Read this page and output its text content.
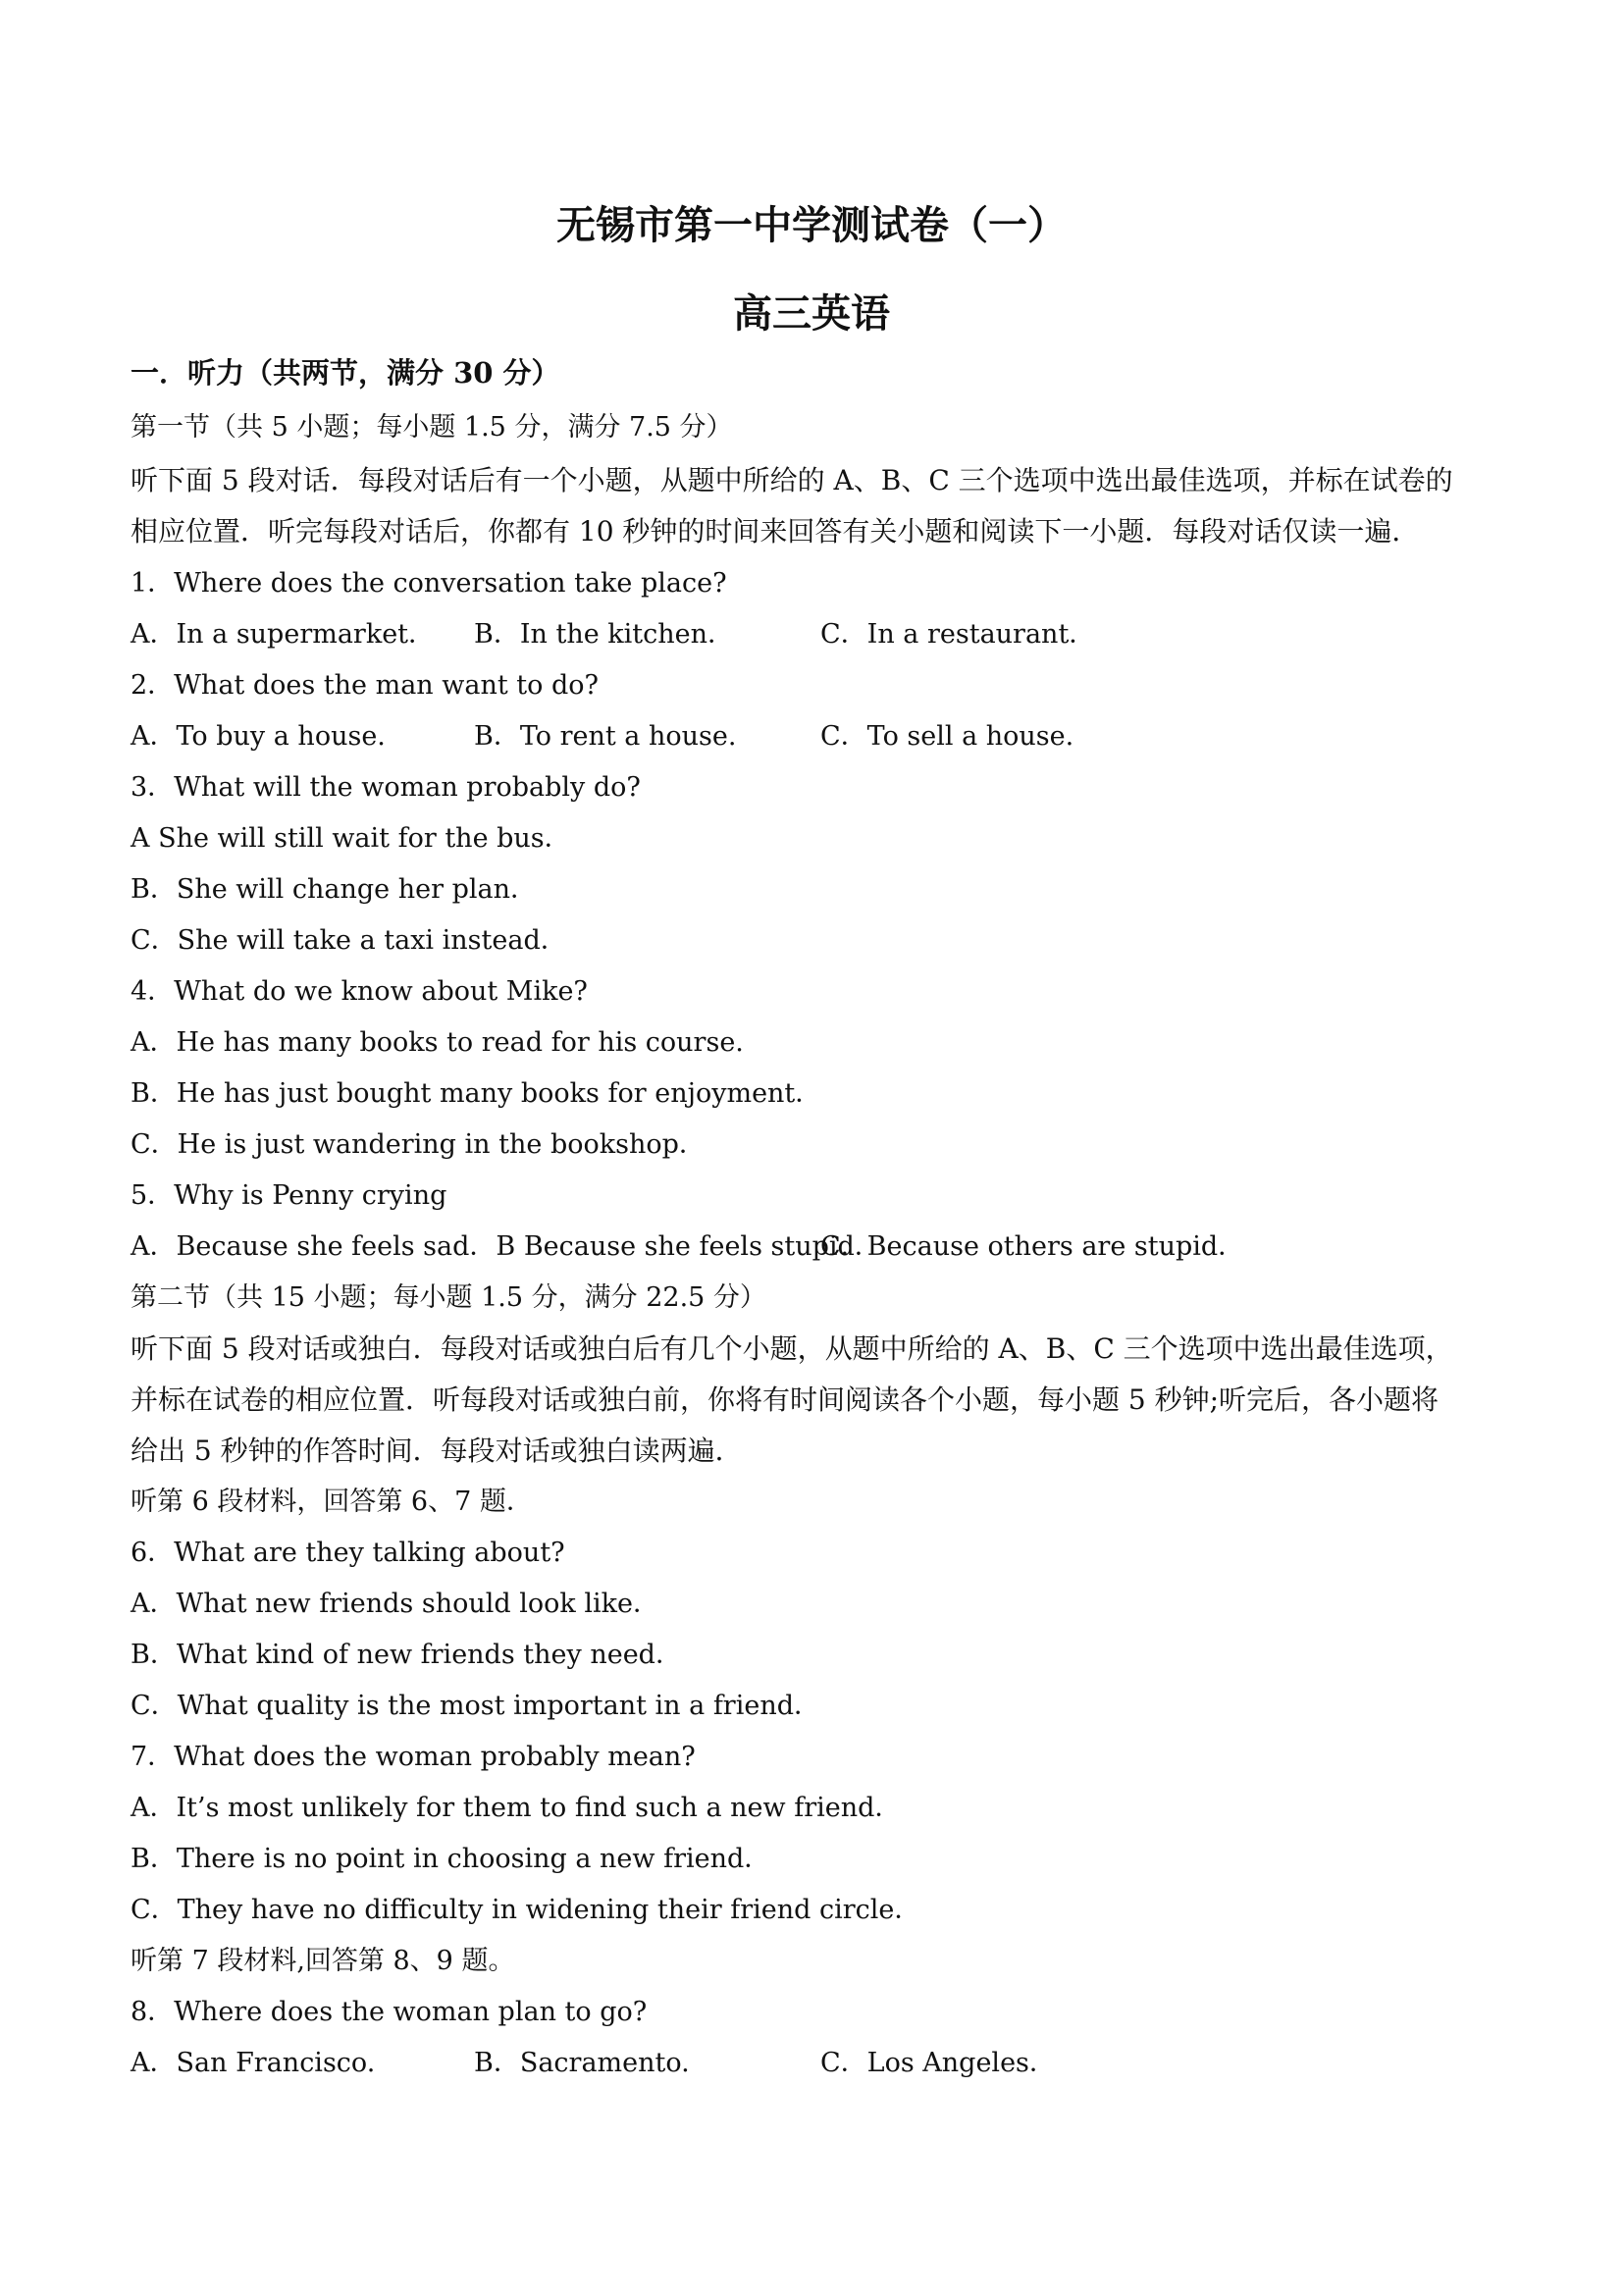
无锡市第一中学测试卷（一）
高三英语
一．听力（共两节，满分 30 分）
第一节（共 5 小题；每小题 1.5 分，满分 7.5 分）
听下面 5 段对话．每段对话后有一个小题，从题中所给的 A、B、C 三个选项中选出最佳选项，并标在试卷的
相应位置．听完每段对话后，你都有 10 秒钟的时间来回答有关小题和阅读下一小题．每段对话仅读一遍．
1．Where does the conversation take place?
A．In a supermarket． B．In the kitchen．	C．In a restaurant．
2．What does the man want to do?
A．To buy a house.	B．To rent a house.	C．To sell a house.
3．What will the woman probably do?
A She will still wait for the bus．
B．She will change her plan．
C．She will take a taxi instead．
4．What do we know about Mike?
A．He has many books to read for his course.
B．He has just bought many books for enjoyment．
C．He is just wandering in the bookshop．
5．Why is Penny crying
A．Because she feels sad．B Because she feels stupid．
C．Because others are stupid．
第二节（共 15 小题；每小题 1.5 分，满分 22.5 分）
听下面 5 段对话或独白．每段对话或独白后有几个小题，从题中所给的 A、B、C 三个选项中选出最佳选项，
并标在试卷的相应位置．听每段对话或独白前，你将有时间阅读各个小题，每小题 5 秒钟;听完后，各小题将
给出 5 秒钟的作答时间．每段对话或独白读两遍．
听第 6 段材料，回答第 6、7 题．
6．What are they talking about?
A．What new friends should look like．
B．What kind of new friends they need．
C．What quality is the most important in a friend．
7．What does the woman probably mean?
A．It’s most unlikely for them to find such a new friend．
B．There is no point in choosing a new friend．
C．They have no difficulty in widening their friend circle．
听第 7 段材料,回答第 8、9 题。
8．Where does the woman plan to go?
A．San Francisco.	B．Sacramento.	C．Los Angeles．
